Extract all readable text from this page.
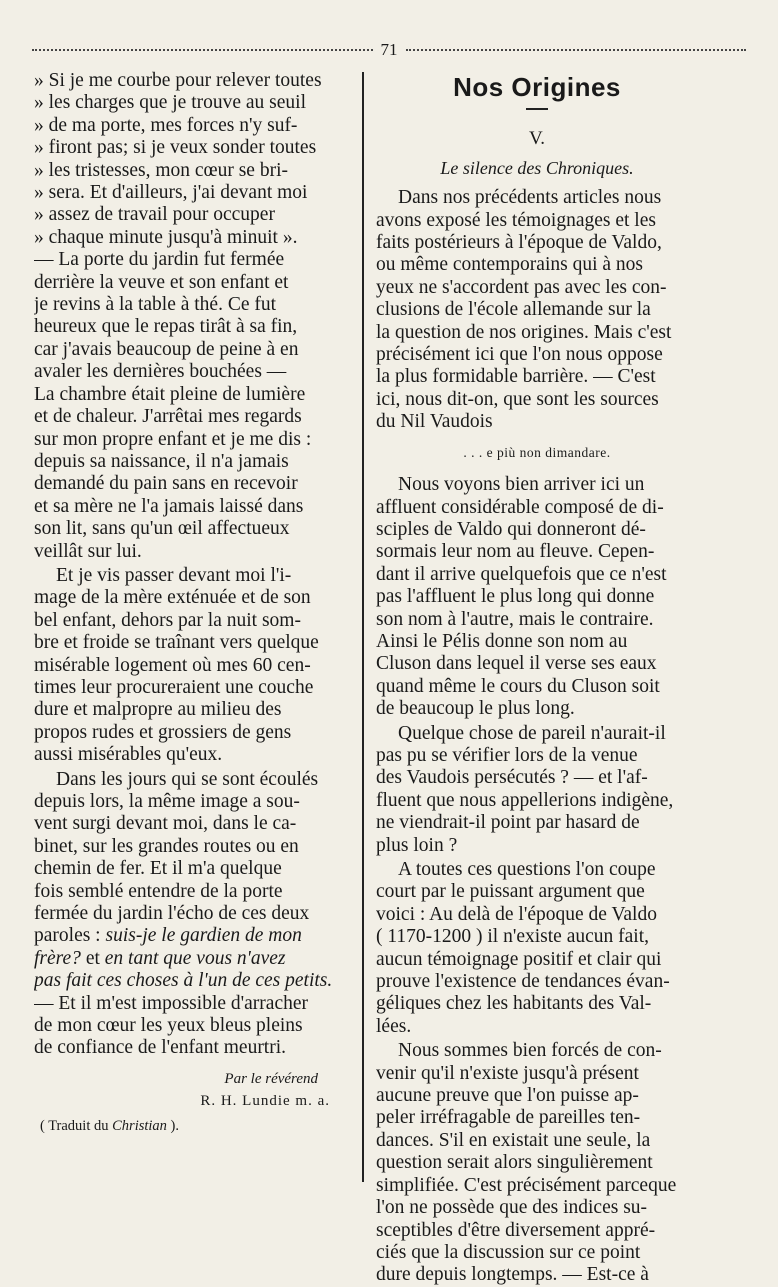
71
» Si je me courbe pour relever toutes
» les charges que je trouve au seuil
» de ma porte, mes forces n'y suf-
» firont pas; si je veux sonder toutes
» les tristesses, mon cœur se bri-
» sera. Et d'ailleurs, j'ai devant moi
» assez de travail pour occuper
» chaque minute jusqu'à minuit ».
— La porte du jardin fut fermée
derrière la veuve et son enfant et
je revins à la table à thé. Ce fut
heureux que le repas tirât à sa fin,
car j'avais beaucoup de peine à en
avaler les dernières bouchées —
La chambre était pleine de lumière
et de chaleur. J'arrêtai mes regards
sur mon propre enfant et je me dis :
depuis sa naissance, il n'a jamais
demandé du pain sans en recevoir
et sa mère ne l'a jamais laissé dans
son lit, sans qu'un œil affectueux
veillât sur lui.
Et je vis passer devant moi l'i-
mage de la mère exténuée et de son
bel enfant, dehors par la nuit som-
bre et froide se traînant vers quelque
misérable logement où mes 60 cen-
times leur procureraient une couche
dure et malpropre au milieu des
propos rudes et grossiers de gens
aussi misérables qu'eux.
Dans les jours qui se sont écoulés
depuis lors, la même image a sou-
vent surgi devant moi, dans le ca-
binet, sur les grandes routes ou en
chemin de fer. Et il m'a quelque
fois semblé entendre de la porte
fermée du jardin l'écho de ces deux
paroles : suis-je le gardien de mon
frère? et en tant que vous n'avez
pas fait ces choses à l'un de ces petits.
— Et il m'est impossible d'arracher
de mon cœur les yeux bleus pleins
de confiance de l'enfant meurtri.
Par le révérend
R. H. Lundie m. a.
( Traduit du Christian ).
Nos Origines
V.
Le silence des Chroniques.
Dans nos précédents articles nous
avons exposé les témoignages et les
faits postérieurs à l'époque de Valdo,
ou même contemporains qui à nos
yeux ne s'accordent pas avec les con-
clusions de l'école allemande sur la
la question de nos origines. Mais c'est
précisément ici que l'on nous oppose
la plus formidable barrière. — C'est
ici, nous dit-on, que sont les sources
du Nil Vaudois
. . . e più non dimandare.
Nous voyons bien arriver ici un
affluent considérable composé de di-
sciples de Valdo qui donneront dé-
sormais leur nom au fleuve. Cepen-
dant il arrive quelquefois que ce n'est
pas l'affluent le plus long qui donne
son nom à l'autre, mais le contraire.
Ainsi le Pélis donne son nom au
Cluson dans lequel il verse ses eaux
quand même le cours du Cluson soit
de beaucoup le plus long.
Quelque chose de pareil n'aurait-il
pas pu se vérifier lors de la venue
des Vaudois persécutés ? — et l'af-
fluent que nous appellerions indigène,
ne viendrait-il point par hasard de
plus loin ?
A toutes ces questions l'on coupe
court par le puissant argument que
voici : Au delà de l'époque de Valdo
( 1170-1200 ) il n'existe aucun fait,
aucun témoignage positif et clair qui
prouve l'existence de tendances évan-
géliques chez les habitants des Val-
lées.
Nous sommes bien forcés de con-
venir qu'il n'existe jusqu'à présent
aucune preuve que l'on puisse ap-
peler irréfragable de pareilles ten-
dances. S'il en existait une seule, la
question serait alors singulièrement
simplifiée. C'est précisément parceque
l'on ne possède que des indices su-
sceptibles d'être diversement appré-
ciés que la discussion sur ce point
dure depuis longtemps. — Est-ce à
